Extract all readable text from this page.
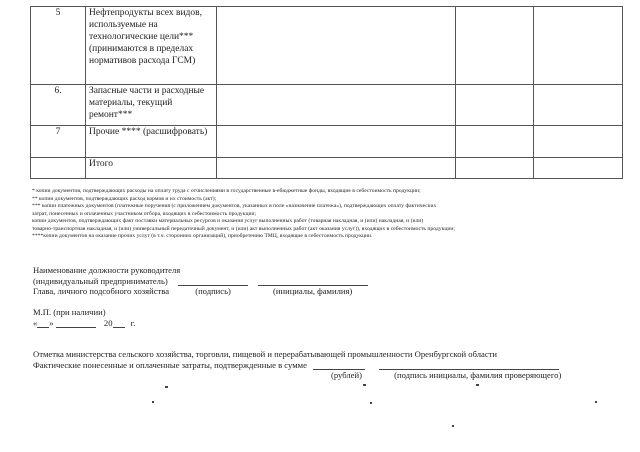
5	Нефтепродукты всех видов, используемые на технологические цели*** (принимаются в пределах нормативов расхода ГСМ)			
6.	Запасные части и расходные материалы, текущий ремонт***			
7	Прочие **** (расшифровать)			
	Итого			

* копии документов, подтверждающих расходы на оплату труда с отчислениями в государственные в-ебюджетные фонды, входящие в себестоимость продукции;

** копии документов, подтверждающих расход кормов и их стоимость (акт);

*** копии платежных документов (платежные поручения (с приложением документов, указанных в поле «назначение платежа»), подтверждающих оплату фактических

затрат, понесенных и оплаченных участником отбора, входящих в себестоимость продукции;

копии документов, подтверждающих факт поставки материальных ресурсов и оказания услуг выполненных работ (товарная накладная, и (или) накладная, и (или)

товарно-транспортная накладная, и (или) универсальный передаточный документ, и (или) акт выполненных работ (акт оказания услуг)), входящих в себестоимость продукции;

****копии документов на оказание прочих услуг (в т.ч. сторонних организаций), приобретению ТМЦ, входящие в себестоимость продукции.

Наименование должности руководителя
(индивидуальный предприниматель)
Глава, личного подсобного хозяйства	(подпись)	(инициалы, фамилия)
М.П. (при наличии)
« »	20 г.
Отметка министерства сельского хозяйства, торговли, пищевой и перерабатывающей промышленности Оренбургской области
Фактические понесенные и оплаченные затраты, подтвержденные в сумме
(рублей)	(подпись инициалы, фамилия проверяющего)
